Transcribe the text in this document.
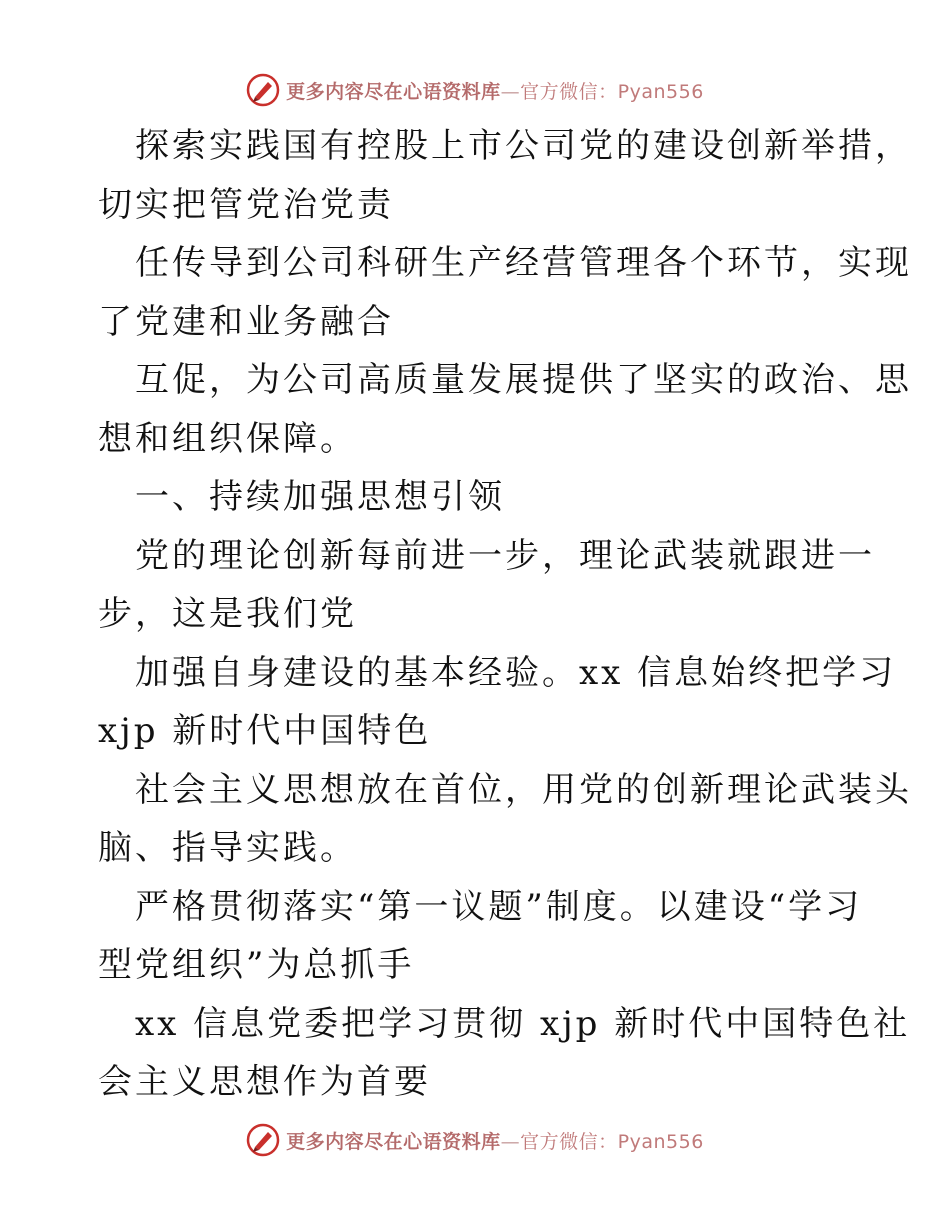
更多内容尽在心语资料库—官方微信：Pyan556
探索实践国有控股上市公司党的建设创新举措，
切实把管党治党责
任传导到公司科研生产经营管理各个环节，实现
了党建和业务融合
互促，为公司高质量发展提供了坚实的政治、思
想和组织保障。
一、持续加强思想引领
党的理论创新每前进一步，理论武装就跟进一
步，这是我们党
加强自身建设的基本经验。xx 信息始终把学习
xjp 新时代中国特色
社会主义思想放在首位，用党的创新理论武装头
脑、指导实践。
严格贯彻落实“第一议题”制度。以建设“学习
型党组织”为总抓手
xx 信息党委把学习贯彻 xjp 新时代中国特色社
会主义思想作为首要
更多内容尽在心语资料库—官方微信：Pyan556
